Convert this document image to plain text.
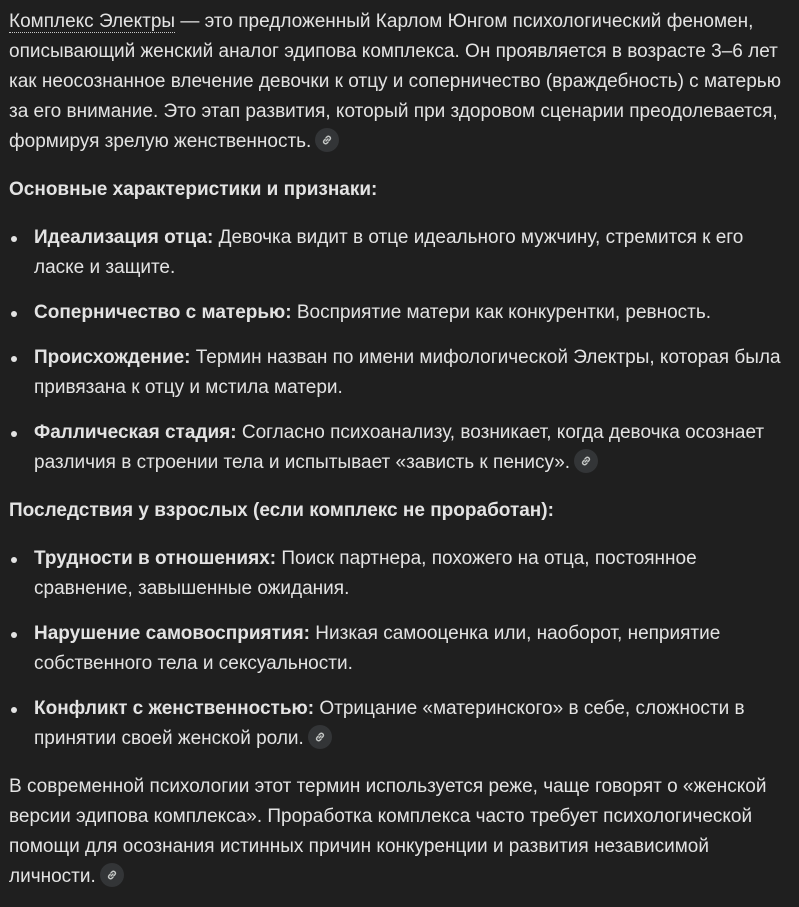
Комплекс Электры — это предложенный Карлом Юнгом психологический феномен, описывающий женский аналог эдипова комплекса. Он проявляется в возрасте 3–6 лет как неосознанное влечение девочки к отцу и соперничество (враждебность) с матерью за его внимание. Это этап развития, который при здоровом сценарии преодолевается, формируя зрелую женственность.

Основные характеристики и признаки:

Идеализация отца: Девочка видит в отце идеального мужчину, стремится к его ласке и защите.
Соперничество с матерью: Восприятие матери как конкурентки, ревность.
Происхождение: Термин назван по имени мифологической Электры, которая была привязана к отцу и мстила матери.
Фаллическая стадия: Согласно психоанализу, возникает, когда девочка осознает различия в строении тела и испытывает «зависть к пенису».

Последствия у взрослых (если комплекс не проработан):

Трудности в отношениях: Поиск партнера, похожего на отца, постоянное сравнение, завышенные ожидания.
Нарушение самовосприятия: Низкая самооценка или, наоборот, неприятие собственного тела и сексуальности.
Конфликт с женственностью: Отрицание «материнского» в себе, сложности в принятии своей женской роли.

В современной психологии этот термин используется реже, чаще говорят о «женской версии эдипова комплекса». Проработка комплекса часто требует психологической помощи для осознания истинных причин конкуренции и развития независимой личности.
